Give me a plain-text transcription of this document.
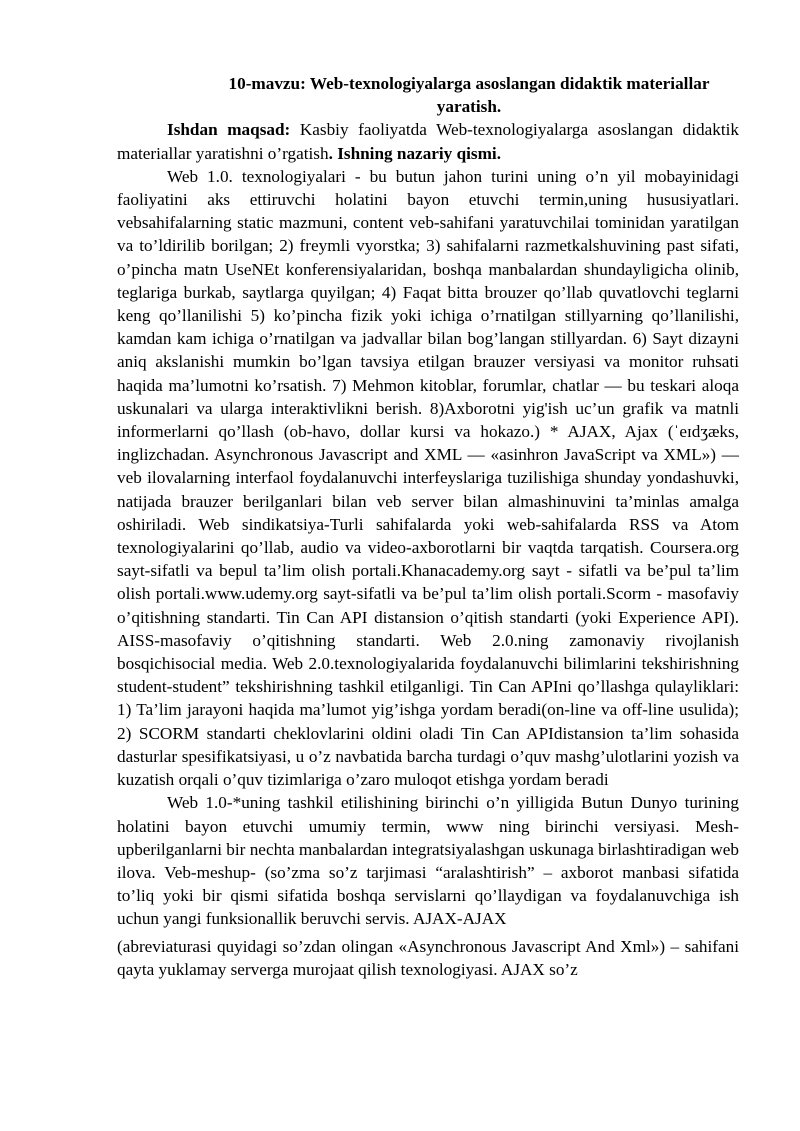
10-mavzu: Web-texnologiyalarga asoslangan didaktik materiallar yaratish.

Ishdan maqsad: Kasbiy faoliyatda Web-texnologiyalarga asoslangan didaktik materiallar yaratishni o’rgatish. Ishning nazariy qismi.

Web 1.0. texnologiyalari - bu butun jahon turini uning o’n yil mobayinidagi faoliyatini aks ettiruvchi holatini bayon etuvchi termin,uning hususiyatlari. vebsahifalarning static mazmuni, content veb-sahifani yaratuvchilai tominidan yaratilgan va to’ldirilib borilgan; 2) freymli vyorstka; 3) sahifalarni razmetkalshuvining past sifati, o’pincha matn UseNEt konferensiyalaridan, boshqa manbalardan shundayligicha olinib, teglariga burkab, saytlarga quyilgan; 4) Faqat bitta brouzer qo’llab quvatlovchi teglarni keng qo’llanilishi 5) ko’pincha fizik yoki ichiga o’rnatilgan stillyarning qo’llanilishi, kamdan kam ichiga o’rnatilgan va jadvallar bilan bog’langan stillyardan. 6) Sayt dizayni aniq akslanishi mumkin bo’lgan tavsiya etilgan brauzer versiyasi va monitor ruhsati haqida ma’lumotni ko’rsatish. 7) Mehmon kitoblar, forumlar, chatlar — bu teskari aloqa uskunalari va ularga interaktivlikni berish. 8)Axborotni yig'ish uc’un grafik va matnli informerlarni qo’llash (ob-havo, dollar kursi va hokazo.) * AJAX, Ajax (ˈeɪdʒæks, inglizchadan. Asynchronous Javascript and XML — «asinhron JavaScript va XML») — veb ilovalarning interfaol foydalanuvchi interfeyslariga tuzilishiga shunday yondashuvki, natijada brauzer berilganlari bilan veb server bilan almashinuvini ta’minlas amalga oshiriladi. Web sindikatsiya-Turli sahifalarda yoki web-sahifalarda RSS va Atom texnologiyalarini qo’llab, audio va video-axborotlarni bir vaqtda tarqatish. Coursera.org sayt-sifatli va bepul ta’lim olish portali.Khanacademy.org sayt - sifatli va be’pul ta’lim olish portali.www.udemy.org sayt-sifatli va be’pul ta’lim olish portali.Scorm - masofaviy o’qitishning standarti. Tin Can API distansion o’qitish standarti (yoki Experience API). AISS-masofaviy o’qitishning standarti. Web 2.0.ning zamonaviy rivojlanish bosqichisocial media. Web 2.0.texnologiyalarida foydalanuvchi bilimlarini tekshirishning student-student” tekshirishning tashkil etilganligi. Tin Can APIni qo’llashga qulayliklari: 1) Ta’lim jarayoni haqida ma’lumot yig’ishga yordam beradi(on-line va off-line usulida); 2) SCORM standarti cheklovlarini oldini oladi Tin Can APIdistansion ta’lim sohasida dasturlar spesifikatsiyasi, u o’z navbatida barcha turdagi o’quv mashg’ulotlarini yozish va kuzatish orqali o’quv tizimlariga o’zaro muloqot etishga yordam beradi

Web 1.0-*uning tashkil etilishining birinchi o’n yilligida Butun Dunyo turining holatini bayon etuvchi umumiy termin, www ning birinchi versiyasi. Mesh-upberilganlarni bir nechta manbalardan integratsiyalashgan uskunaga birlashtiradigan web ilova. Veb-meshup- (so’zma so’z tarjimasi “aralashtirish” – axborot manbasi sifatida to’liq yoki bir qismi sifatida boshqa servislarni qo’llaydigan va foydalanuvchiga ish uchun yangi funksionallik beruvchi servis. AJAX-AJAX

(abreviaturasi quyidagi so’zdan olingan «Asynchronous Javascript And Xml») – sahifani qayta yuklamay serverga murojaat qilish texnologiyasi. AJAX so’z
